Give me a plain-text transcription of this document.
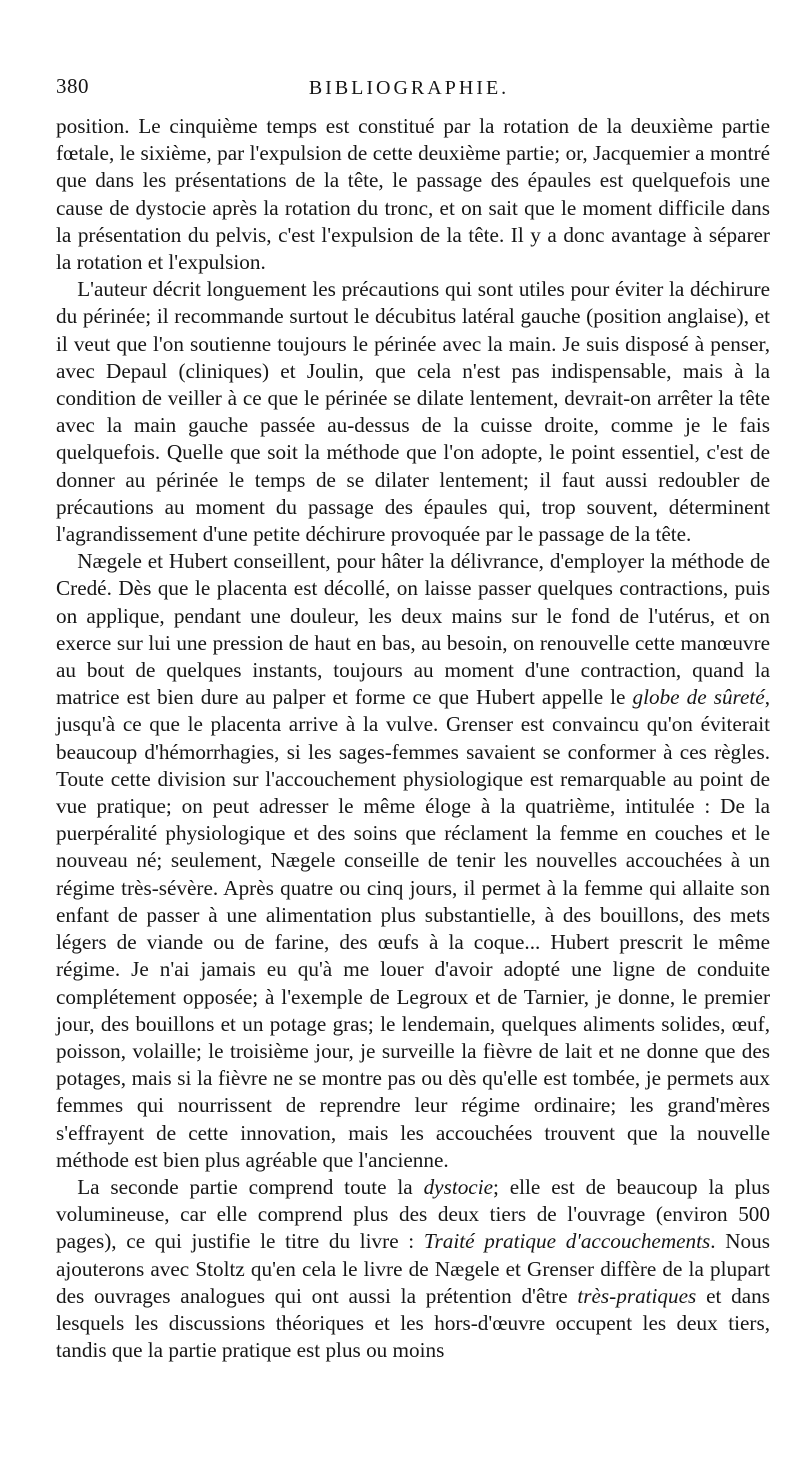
380	BIBLIOGRAPHIE.

position. Le cinquième temps est constitué par la rotation de la deuxième partie fœtale, le sixième, par l'expulsion de cette deuxième partie; or, Jacquemier a montré que dans les présentations de la tête, le passage des épaules est quelquefois une cause de dystocie après la rotation du tronc, et on sait que le moment difficile dans la présentation du pelvis, c'est l'expulsion de la tête. Il y a donc avantage à séparer la rotation et l'expulsion.

L'auteur décrit longuement les précautions qui sont utiles pour éviter la déchirure du périnée; il recommande surtout le décubitus latéral gauche (position anglaise), et il veut que l'on soutienne toujours le périnée avec la main. Je suis disposé à penser, avec Depaul (cliniques) et Joulin, que cela n'est pas indispensable, mais à la condition de veiller à ce que le périnée se dilate lentement, devrait-on arrêter la tête avec la main gauche passée au-dessus de la cuisse droite, comme je le fais quelquefois. Quelle que soit la méthode que l'on adopte, le point essentiel, c'est de donner au périnée le temps de se dilater lentement; il faut aussi redoubler de précautions au moment du passage des épaules qui, trop souvent, déterminent l'agrandissement d'une petite déchirure provoquée par le passage de la tête.

Nægele et Hubert conseillent, pour hâter la délivrance, d'employer la méthode de Credé. Dès que le placenta est décollé, on laisse passer quelques contractions, puis on applique, pendant une douleur, les deux mains sur le fond de l'utérus, et on exerce sur lui une pression de haut en bas, au besoin, on renouvelle cette manœuvre au bout de quelques instants, toujours au moment d'une contraction, quand la matrice est bien dure au palper et forme ce que Hubert appelle le globe de sûreté, jusqu'à ce que le placenta arrive à la vulve. Grenser est convaincu qu'on éviterait beaucoup d'hémorrhagies, si les sages-femmes savaient se conformer à ces règles. Toute cette division sur l'accouchement physiologique est remarquable au point de vue pratique; on peut adresser le même éloge à la quatrième, intitulée : De la puerpéralité physiologique et des soins que réclament la femme en couches et le nouveau né; seulement, Nægele conseille de tenir les nouvelles accouchées à un régime très-sévère. Après quatre ou cinq jours, il permet à la femme qui allaite son enfant de passer à une alimentation plus substantielle, à des bouillons, des mets légers de viande ou de farine, des œufs à la coque... Hubert prescrit le même régime. Je n'ai jamais eu qu'à me louer d'avoir adopté une ligne de conduite complétement opposée; à l'exemple de Legroux et de Tarnier, je donne, le premier jour, des bouillons et un potage gras; le lendemain, quelques aliments solides, œuf, poisson, volaille; le troisième jour, je surveille la fièvre de lait et ne donne que des potages, mais si la fièvre ne se montre pas ou dès qu'elle est tombée, je permets aux femmes qui nourrissent de reprendre leur régime ordinaire; les grand'mères s'effrayent de cette innovation, mais les accouchées trouvent que la nouvelle méthode est bien plus agréable que l'ancienne.

La seconde partie comprend toute la dystocie; elle est de beaucoup la plus volumineuse, car elle comprend plus des deux tiers de l'ouvrage (environ 500 pages), ce qui justifie le titre du livre : Traité pratique d'accouchements. Nous ajouterons avec Stoltz qu'en cela le livre de Nægele et Grenser diffère de la plupart des ouvrages analogues qui ont aussi la prétention d'être très-pratiques et dans lesquels les discussions théoriques et les hors-d'œuvre occupent les deux tiers, tandis que la partie pratique est plus ou moins
